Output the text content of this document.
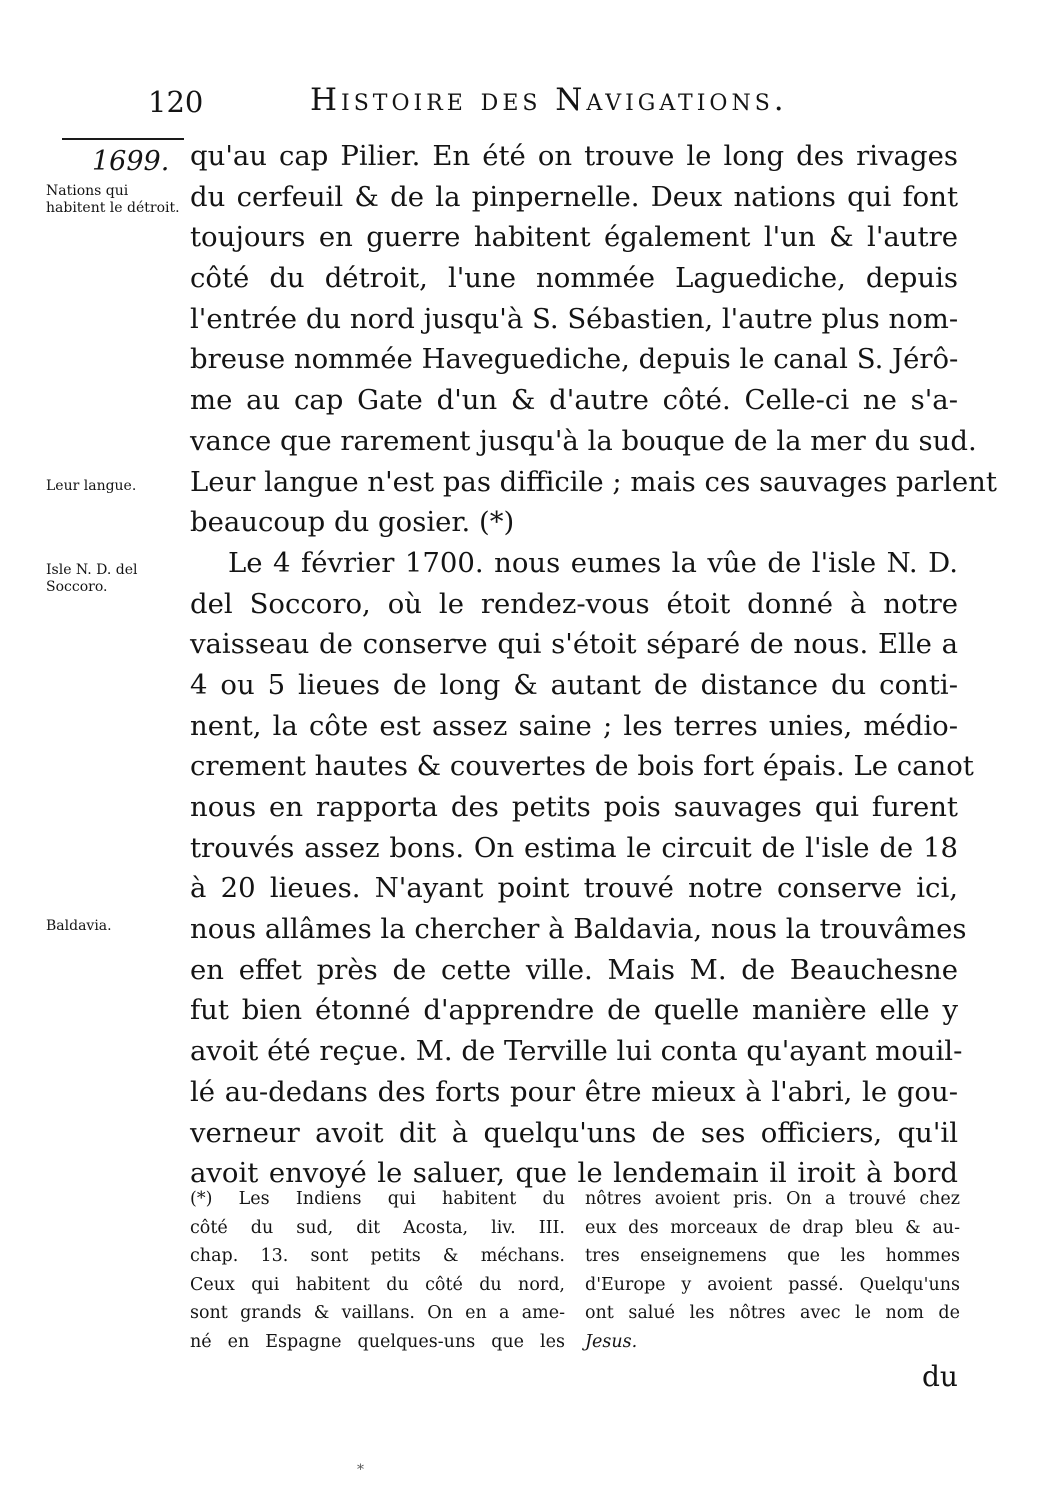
120	Histoire des Navigations.
1699.
Nations qui habitent le détroit.
Leur langue.
Isle N. D. del Soccoro.
Baldavia.
qu'au cap Pilier. En été on trouve le long des rivages
du cerfeuil & de la pinpernelle. Deux nations qui font
toujours en guerre habitent également l'un & l'autre
côté du détroit, l'une nommée Laguediche, depuis
l'entrée du nord jusqu'à S. Sébastien, l'autre plus nom-
breuse nommée Haveguediche, depuis le canal S. Jérô-
me au cap Gate d'un & d'autre côté. Celle-ci ne s'a-
vance que rarement jusqu'à la bouque de la mer du sud.
Leur langue n'est pas difficile ; mais ces sauvages parlent
beaucoup du gosier. (*)
Le 4 février 1700. nous eumes la vûe de l'isle N. D.
del Soccoro, où le rendez-vous étoit donné à notre
vaisseau de conserve qui s'étoit séparé de nous. Elle a
4 ou 5 lieues de long & autant de distance du conti-
nent, la côte est assez saine ; les terres unies, médio-
crement hautes & couvertes de bois fort épais. Le canot
nous en rapporta des petits pois sauvages qui furent
trouvés assez bons. On estima le circuit de l'isle de 18
à 20 lieues. N'ayant point trouvé notre conserve ici,
nous allâmes la chercher à Baldavia, nous la trouvâmes
en effet près de cette ville. Mais M. de Beauchesne
fut bien étonné d'apprendre de quelle manière elle y
avoit été reçue. M. de Terville lui conta qu'ayant mouil-
lé au-dedans des forts pour être mieux à l'abri, le gou-
verneur avoit dit à quelqu'uns de ses officiers, qu'il
avoit envoyé le saluer, que le lendemain il iroit à bord
(*) Les Indiens qui habitent du
côté du sud, dit Acosta, liv. III.
chap. 13. sont petits & méchans.
Ceux qui habitent du côté du nord,
sont grands & vaillans. On en a ame-
né en Espagne quelques-uns que les
nôtres avoient pris. On a trouvé chez
eux des morceaux de drap bleu & au-
tres enseignemens que les hommes
d'Europe y avoient passé. Quelqu'uns
ont salué les nôtres avec le nom de
Jesus.
du
*
